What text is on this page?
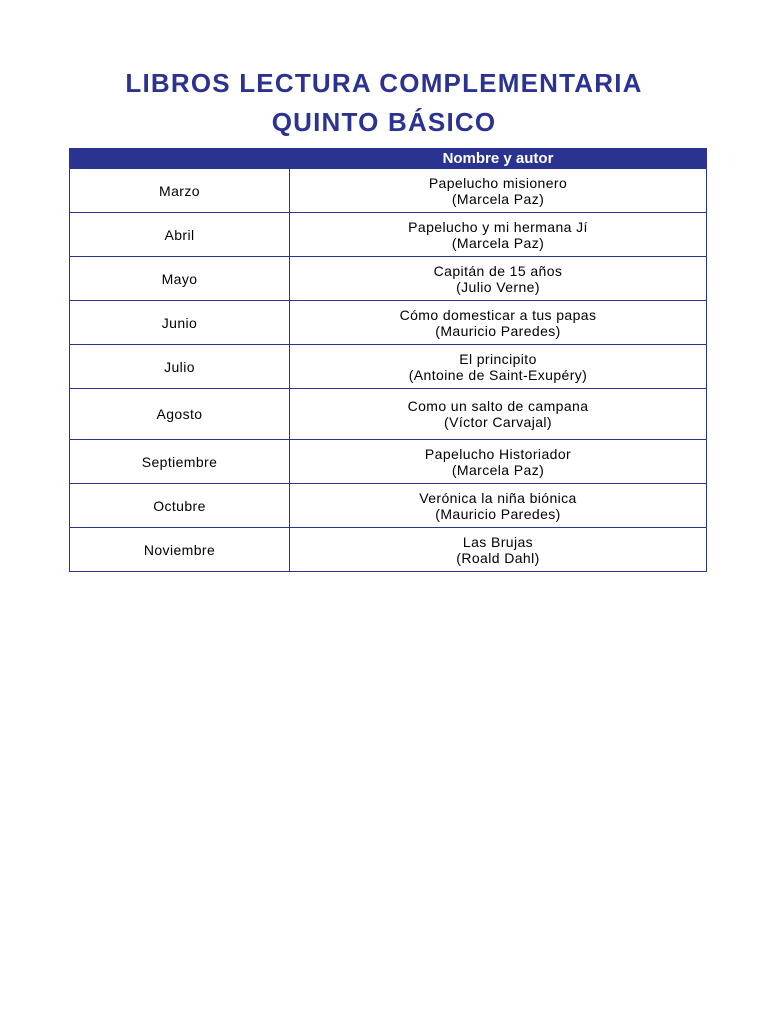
LIBROS LECTURA COMPLEMENTARIA
QUINTO BÁSICO
	Nombre y autor
Marzo	Papelucho misionero
(Marcela Paz)

Abril	Papelucho y mi hermana Jí
(Marcela Paz)

Mayo	Capitán de 15 años
(Julio Verne)

Junio	Cómo domesticar a tus papas
(Mauricio Paredes)

Julio	El principito
(Antoine de Saint-Exupéry)

Agosto	Como un salto de campana
(Víctor Carvajal)

Septiembre	Papelucho Historiador
(Marcela Paz)

Octubre	Verónica la niña biónica
(Mauricio Paredes)

Noviembre	Las Brujas
(Roald Dahl)
